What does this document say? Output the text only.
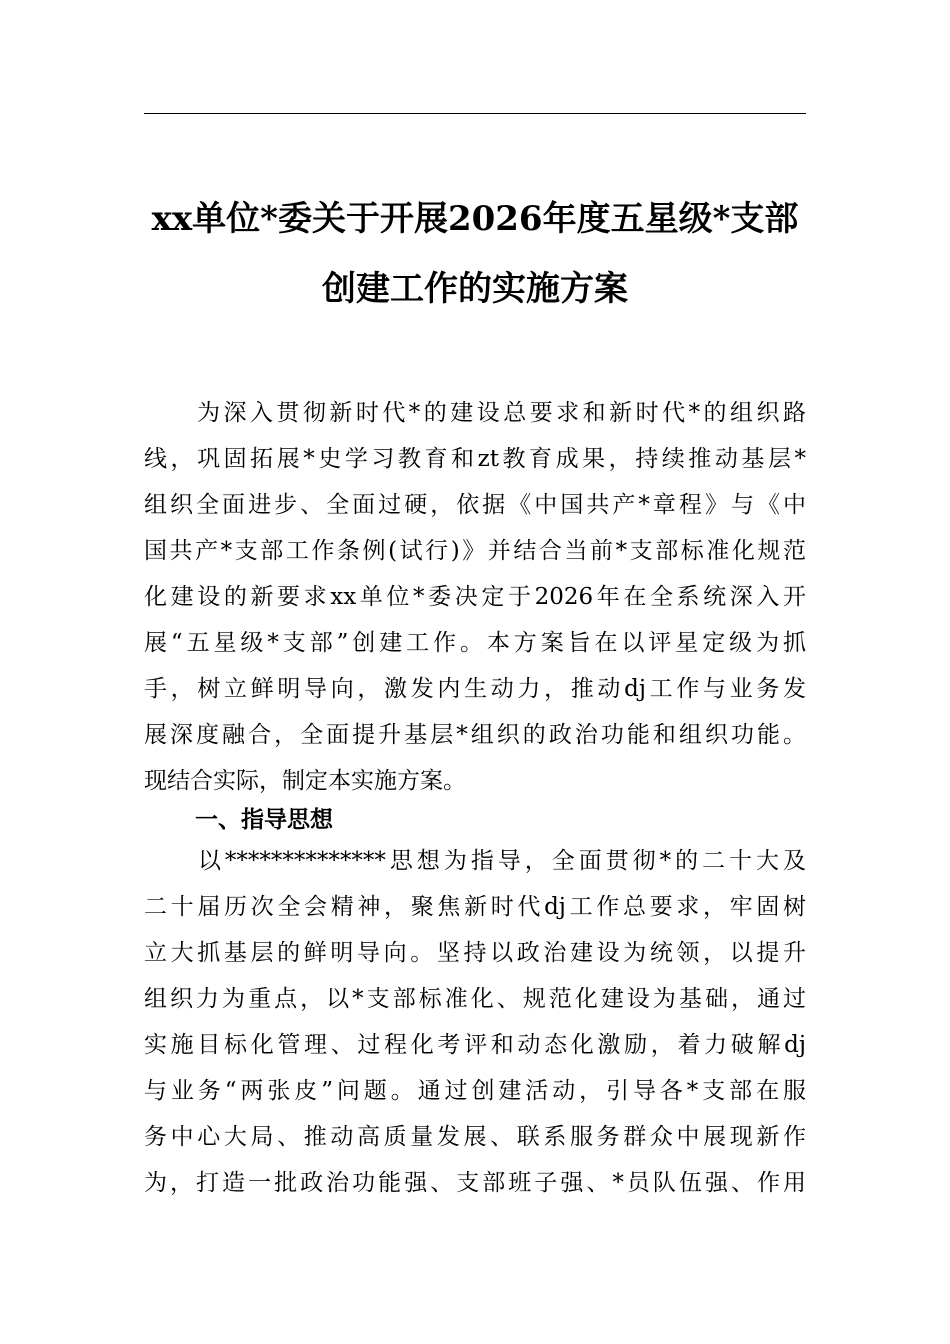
xx单位*委关于开展2026年度五星级*支部
创建工作的实施方案
　　为深入贯彻新时代*的建设总要求和新时代*的组织路
线，巩固拓展*史学习教育和zt教育成果，持续推动基层*
组织全面进步、全面过硬，依据《中国共产*章程》与《中
国共产*支部工作条例(试行)》并结合当前*支部标准化规范
化建设的新要求xx单位*委决定于2026年在全系统深入开
展“五星级*支部”创建工作。本方案旨在以评星定级为抓
手，树立鲜明导向，激发内生动力，推动dj工作与业务发
展深度融合，全面提升基层*组织的政治功能和组织功能。
现结合实际，制定本实施方案。
一、指导思想
　　以**************思想为指导，全面贯彻*的二十大及
二十届历次全会精神，聚焦新时代dj工作总要求，牢固树
立大抓基层的鲜明导向。坚持以政治建设为统领，以提升
组织力为重点，以*支部标准化、规范化建设为基础，通过
实施目标化管理、过程化考评和动态化激励，着力破解dj
与业务“两张皮”问题。通过创建活动，引导各*支部在服
务中心大局、推动高质量发展、联系服务群众中展现新作
为，打造一批政治功能强、支部班子强、*员队伍强、作用
